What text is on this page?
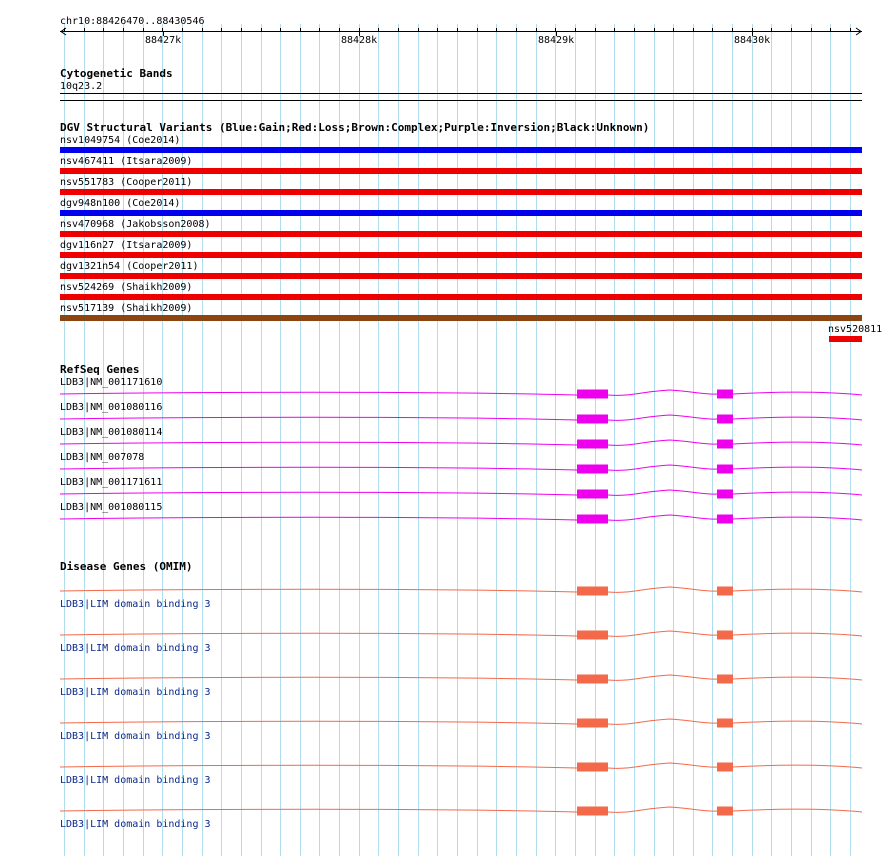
chr10:88426470..88430546
88427k	88428k	88429k	88430k
Cytogenetic Bands
10q23.2
DGV Structural Variants (Blue:Gain;Red:Loss;Brown:Complex;Purple:Inversion;Black:Unknown)
nsv1049754 (Coe2014)
nsv467411 (Itsara2009)
nsv551783 (Cooper2011)
dgv948n100 (Coe2014)
nsv470968 (Jakobsson2008)
dgv116n27 (Itsara2009)
dgv1321n54 (Cooper2011)
nsv524269 (Shaikh2009)
nsv517139 (Shaikh2009)
nsv520811
RefSeq Genes
LDB3|NM_001171610
LDB3|NM_001080116
LDB3|NM_001080114
LDB3|NM_007078
LDB3|NM_001171611
LDB3|NM_001080115
Disease Genes (OMIM)
LDB3|LIM domain binding 3
LDB3|LIM domain binding 3
LDB3|LIM domain binding 3
LDB3|LIM domain binding 3
LDB3|LIM domain binding 3
LDB3|LIM domain binding 3
